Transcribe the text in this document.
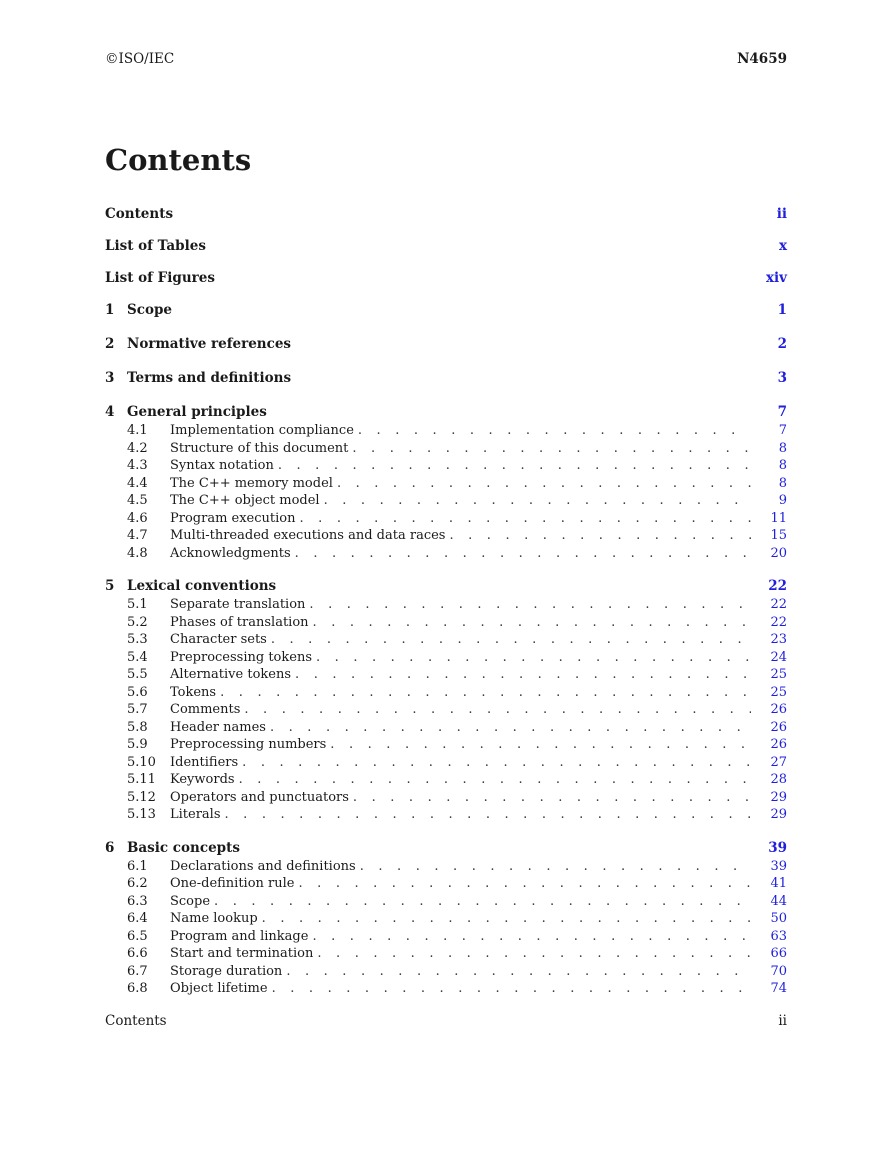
©ISO/IEC	N4659
Contents
Contents	ii
List of Tables	x
List of Figures	xiv
1 Scope	1
2 Normative references	2
3 Terms and definitions	3
4 General principles	7
4.1	Implementation compliance . . .	7
4.2	Structure of this document . . .	8
4.3	Syntax notation . . .	8
4.4	The C++ memory model . . .	8
4.5	The C++ object model . . .	9
4.6	Program execution . . .	11
4.7	Multi-threaded executions and data races . . .	15
4.8	Acknowledgments . . .	20
5 Lexical conventions	22
5.1	Separate translation . . .	22
5.2	Phases of translation . . .	22
5.3	Character sets . . .	23
5.4	Preprocessing tokens . . .	24
5.5	Alternative tokens . . .	25
5.6	Tokens . . .	25
5.7	Comments . . .	26
5.8	Header names . . .	26
5.9	Preprocessing numbers . . .	26
5.10	Identifiers . . .	27
5.11	Keywords . . .	28
5.12	Operators and punctuators . . .	29
5.13	Literals . . .	29
6 Basic concepts	39
6.1	Declarations and definitions . . .	39
6.2	One-definition rule . . .	41
6.3	Scope . . .	44
6.4	Name lookup . . .	50
6.5	Program and linkage . . .	63
6.6	Start and termination . . .	66
6.7	Storage duration . . .	70
6.8	Object lifetime . . .	74
Contents	ii
